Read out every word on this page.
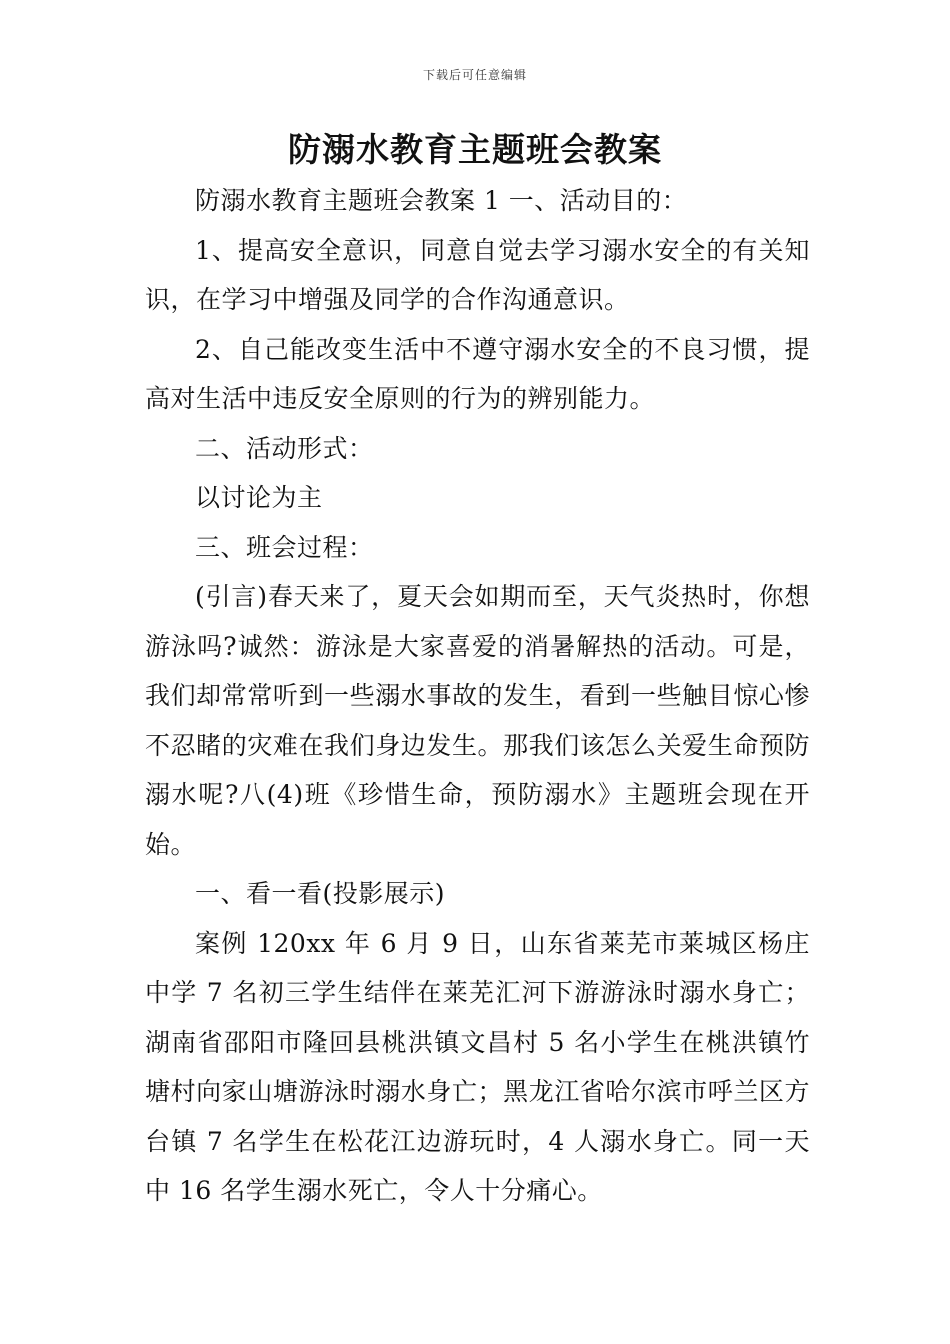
下载后可任意编辑
防溺水教育主题班会教案

防溺水教育主题班会教案 1 一、活动目的：

1、提高安全意识，同意自觉去学习溺水安全的有关知识，在学习中增强及同学的合作沟通意识。

2、自己能改变生活中不遵守溺水安全的不良习惯，提高对生活中违反安全原则的行为的辨别能力。

二、活动形式：

以讨论为主

三、班会过程：

(引言)春天来了，夏天会如期而至，天气炎热时，你想游泳吗?诚然：游泳是大家喜爱的消暑解热的活动。可是，我们却常常听到一些溺水事故的发生，看到一些触目惊心惨不忍睹的灾难在我们身边发生。那我们该怎么关爱生命预防溺水呢?八(4)班《珍惜生命，预防溺水》主题班会现在开始。

一、看一看(投影展示)

案例 120xx 年 6 月 9 日，山东省莱芜市莱城区杨庄中学 7 名初三学生结伴在莱芜汇河下游游泳时溺水身亡；湖南省邵阳市隆回县桃洪镇文昌村 5 名小学生在桃洪镇竹塘村向家山塘游泳时溺水身亡；黑龙江省哈尔滨市呼兰区方台镇 7 名学生在松花江边游玩时，4 人溺水身亡。同一天中 16 名学生溺水死亡，令人十分痛心。
